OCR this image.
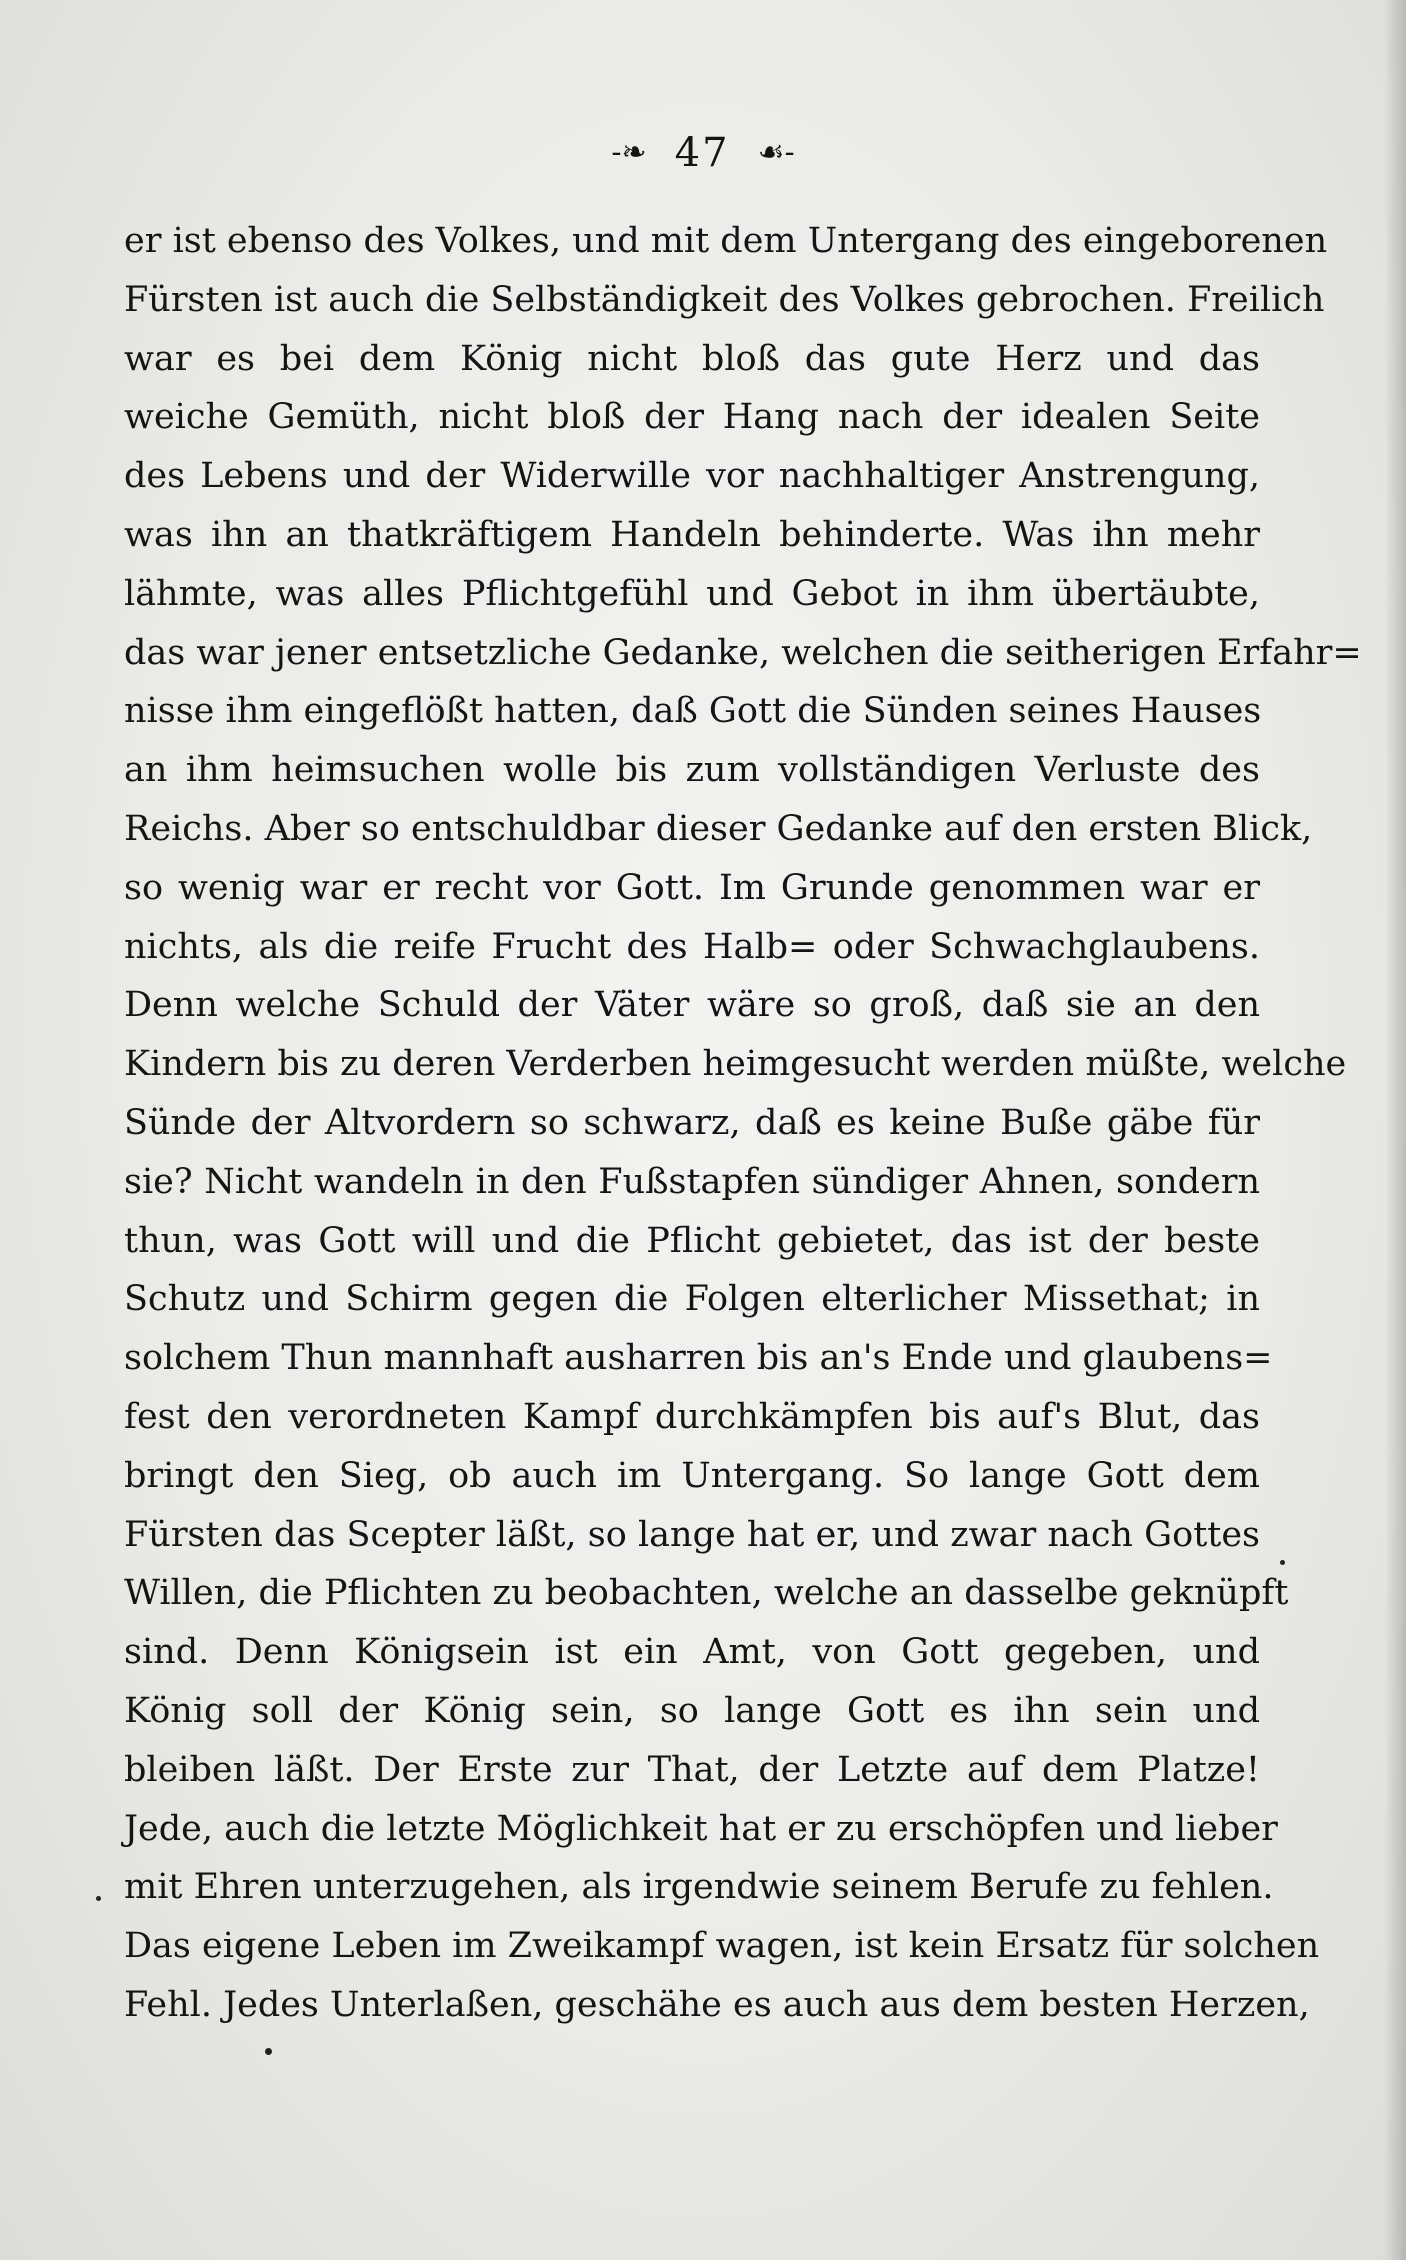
-❧ 47 ☙-
er ist ebenso des Volkes, und mit dem Untergang des eingeborenen
Fürsten ist auch die Selbständigkeit des Volkes gebrochen. Freilich
war es bei dem König nicht bloß das gute Herz und das
weiche Gemüth, nicht bloß der Hang nach der idealen Seite
des Lebens und der Widerwille vor nachhaltiger Anstrengung,
was ihn an thatkräftigem Handeln behinderte. Was ihn mehr
lähmte, was alles Pflichtgefühl und Gebot in ihm übertäubte,
das war jener entsetzliche Gedanke, welchen die seitherigen Erfahr=
nisse ihm eingeflößt hatten, daß Gott die Sünden seines Hauses
an ihm heimsuchen wolle bis zum vollständigen Verluste des
Reichs. Aber so entschuldbar dieser Gedanke auf den ersten Blick,
so wenig war er recht vor Gott. Im Grunde genommen war er
nichts, als die reife Frucht des Halb= oder Schwachglaubens.
Denn welche Schuld der Väter wäre so groß, daß sie an den
Kindern bis zu deren Verderben heimgesucht werden müßte, welche
Sünde der Altvordern so schwarz, daß es keine Buße gäbe für
sie? Nicht wandeln in den Fußstapfen sündiger Ahnen, sondern
thun, was Gott will und die Pflicht gebietet, das ist der beste
Schutz und Schirm gegen die Folgen elterlicher Missethat; in
solchem Thun mannhaft ausharren bis an's Ende und glaubens=
fest den verordneten Kampf durchkämpfen bis auf's Blut, das
bringt den Sieg, ob auch im Untergang. So lange Gott dem
Fürsten das Scepter läßt, so lange hat er, und zwar nach Gottes
Willen, die Pflichten zu beobachten, welche an dasselbe geknüpft
sind. Denn Königsein ist ein Amt, von Gott gegeben, und
König soll der König sein, so lange Gott es ihn sein und
bleiben läßt. Der Erste zur That, der Letzte auf dem Platze!
Jede, auch die letzte Möglichkeit hat er zu erschöpfen und lieber
mit Ehren unterzugehen, als irgendwie seinem Berufe zu fehlen.
Das eigene Leben im Zweikampf wagen, ist kein Ersatz für solchen
Fehl. Jedes Unterlaßen, geschähe es auch aus dem besten Herzen,
